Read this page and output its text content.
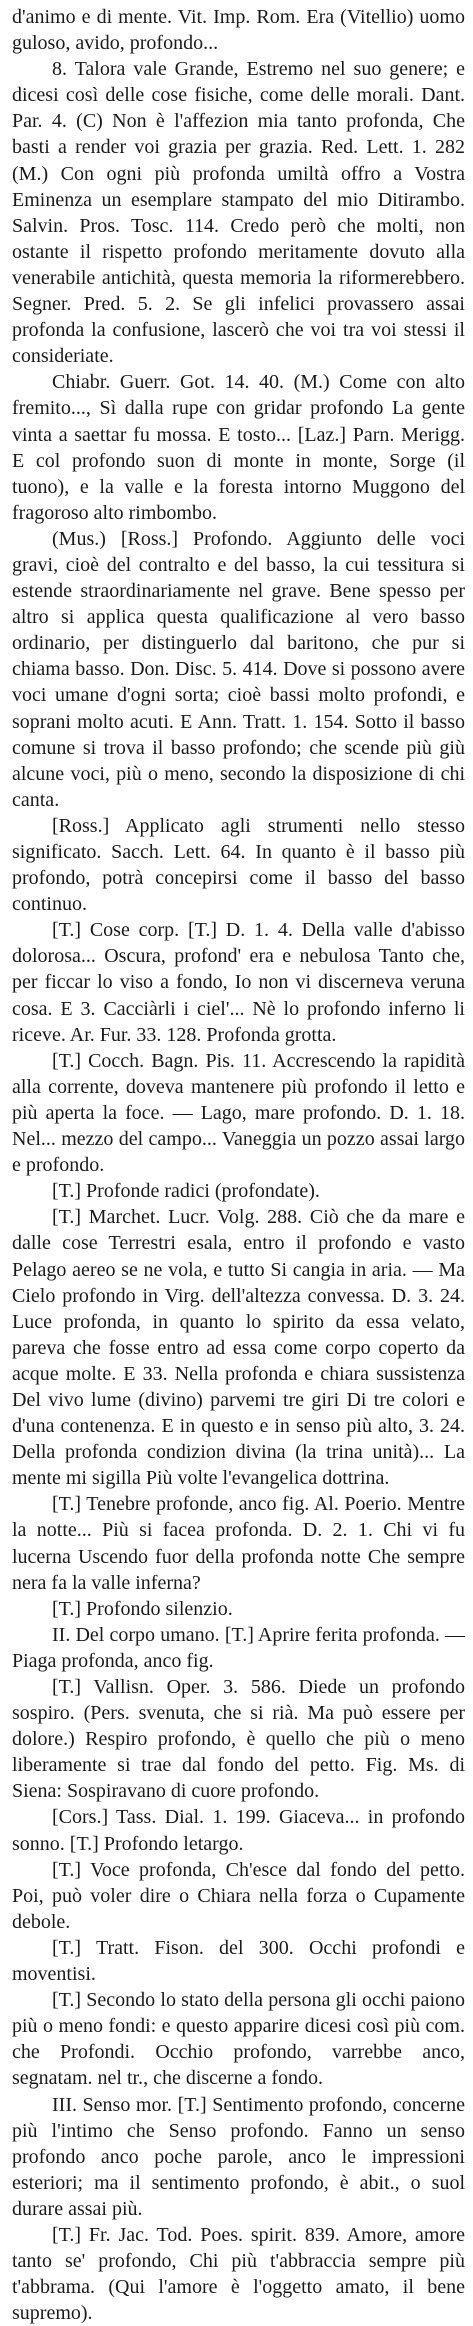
d'animo e di mente. Vit. Imp. Rom. Era (Vitellio) uomo guloso, avido, profondo...

8. Talora vale Grande, Estremo nel suo genere; e dicesi così delle cose fisiche, come delle morali. Dant. Par. 4. (C) Non è l'affezion mia tanto profonda, Che basti a render voi grazia per grazia. Red. Lett. 1. 282 (M.) Con ogni più profonda umiltà offro a Vostra Eminenza un esemplare stampato del mio Ditirambo. Salvin. Pros. Tosc. 114. Credo però che molti, non ostante il rispetto profondo meritamente dovuto alla venerabile antichità, questa memoria la riformerebbero. Segner. Pred. 5. 2. Se gli infelici provassero assai profonda la confusione, lascerò che voi tra voi stessi il consideriate.

Chiabr. Guerr. Got. 14. 40. (M.) Come con alto fremito..., Sì dalla rupe con gridar profondo La gente vinta a saettar fu mossa. E tosto... [Laz.] Parn. Merigg. E col profondo suon di monte in monte, Sorge (il tuono), e la valle e la foresta intorno Muggono del fragoroso alto rimbombo.

(Mus.) [Ross.] Profondo. Aggiunto delle voci gravi, cioè del contralto e del basso, la cui tessitura si estende straordinariamente nel grave. Bene spesso per altro si applica questa qualificazione al vero basso ordinario, per distinguerlo dal baritono, che pur si chiama basso. Don. Disc. 5. 414. Dove si possono avere voci umane d'ogni sorta; cioè bassi molto profondi, e soprani molto acuti. E Ann. Tratt. 1. 154. Sotto il basso comune si trova il basso profondo; che scende più giù alcune voci, più o meno, secondo la disposizione di chi canta.

[Ross.] Applicato agli strumenti nello stesso significato. Sacch. Lett. 64. In quanto è il basso più profondo, potrà concepirsi come il basso del basso continuo.

[T.] Cose corp. [T.] D. 1. 4. Della valle d'abisso dolorosa... Oscura, profond' era e nebulosa Tanto che, per ficcar lo viso a fondo, Io non vi discerneva veruna cosa. E 3. Cacciàrli i ciel'... Nè lo profondo inferno li riceve. Ar. Fur. 33. 128. Profonda grotta.

[T.] Cocch. Bagn. Pis. 11. Accrescendo la rapidità alla corrente, doveva mantenere più profondo il letto e più aperta la foce. — Lago, mare profondo. D. 1. 18. Nel... mezzo del campo... Vaneggia un pozzo assai largo e profondo.

[T.] Profonde radici (profondate).

[T.] Marchet. Lucr. Volg. 288. Ciò che da mare e dalle cose Terrestri esala, entro il profondo e vasto Pelago aereo se ne vola, e tutto Si cangia in aria. — Ma Cielo profondo in Virg. dell'altezza convessa. D. 3. 24. Luce profonda, in quanto lo spirito da essa velato, pareva che fosse entro ad essa come corpo coperto da acque molte. E 33. Nella profonda e chiara sussistenza Del vivo lume (divino) parvemi tre giri Di tre colori e d'una contenenza. E in questo e in senso più alto, 3. 24. Della profonda condizion divina (la trina unità)... La mente mi sigilla Più volte l'evangelica dottrina.

[T.] Tenebre profonde, anco fig. Al. Poerio. Mentre la notte... Più si facea profonda. D. 2. 1. Chi vi fu lucerna Uscendo fuor della profonda notte Che sempre nera fa la valle inferna?

[T.] Profondo silenzio.

II. Del corpo umano. [T.] Aprire ferita profonda. — Piaga profonda, anco fig.

[T.] Vallisn. Oper. 3. 586. Diede un profondo sospiro. (Pers. svenuta, che si rià. Ma può essere per dolore.) Respiro profondo, è quello che più o meno liberamente si trae dal fondo del petto. Fig. Ms. di Siena: Sospiravano di cuore profondo.

[Cors.] Tass. Dial. 1. 199. Giaceva... in profondo sonno. [T.] Profondo letargo.

[T.] Voce profonda, Ch'esce dal fondo del petto. Poi, può voler dire o Chiara nella forza o Cupamente debole.

[T.] Tratt. Fison. del 300. Occhi profondi e moventisi.

[T.] Secondo lo stato della persona gli occhi paiono più o meno fondi: e questo apparire dicesi così più com. che Profondi. Occhio profondo, varrebbe anco, segnatam. nel tr., che discerne a fondo.

III. Senso mor. [T.] Sentimento profondo, concerne più l'intimo che Senso profondo. Fanno un senso profondo anco poche parole, anco le impressioni esteriori; ma il sentimento profondo, è abit., o suol durare assai più.

[T.] Fr. Jac. Tod. Poes. spirit. 839. Amore, amore tanto se' profondo, Chi più t'abbraccia sempre più t'abbrama. (Qui l'amore è l'oggetto amato, il bene supremo).
